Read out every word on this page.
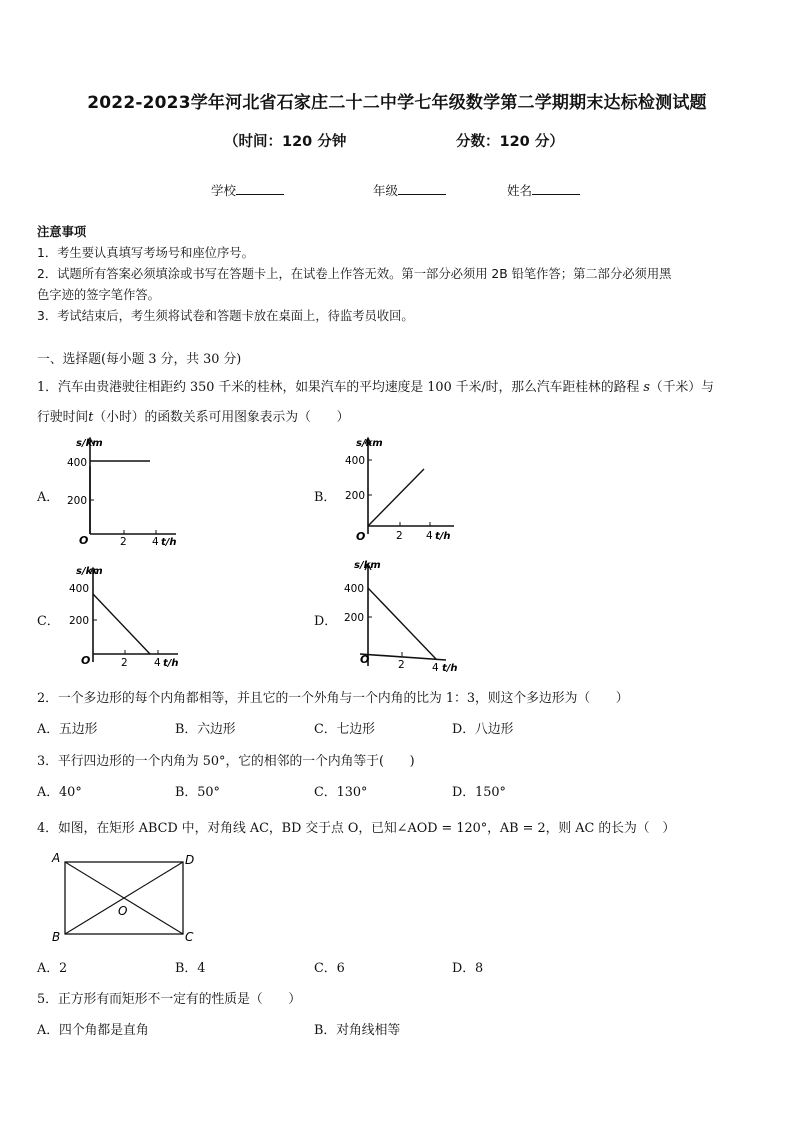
2022-2023学年河北省石家庄二十二中学七年级数学第二学期期末达标检测试题
（时间：120 分钟	分数：120 分）
学校	年级	姓名
注意事项
1．考生要认真填写考场号和座位序号。
2．试题所有答案必须填涂或书写在答题卡上，在试卷上作答无效。第一部分必须用 2B 铅笔作答；第二部分必须用黑
色字迹的签字笔作答。
3．考试结束后，考生须将试卷和答题卡放在桌面上，待监考员收回。
一、选择题(每小题 3 分，共 30 分)
1．汽车由贵港驶往相距约 350 千米的桂林，如果汽车的平均速度是 100 千米/时，那么汽车距桂林的路程 s（千米）与
行驶时间t（小时）的函数关系可用图象表示为（　　）
A．	B．
C．	D．
s/km
400
200
O	2 4 t/h
s/km
400
200
O	2 4 t/h
s/km
400
200
O	2	4 t/h
s/km
400
200
O	2	4 t/h
2．一个多边形的每个内角都相等，并且它的一个外角与一个内角的比为 1：3，则这个多边形为（　　）
A．五边形	B．六边形	C．七边形	D．八边形
3．平行四边形的一个内角为 50°，它的相邻的一个内角等于(　　)
A．40°	B．50°	C．130°	D．150°
4．如图，在矩形 ABCD 中，对角线 AC，BD 交于点 O，已知∠AOD = 120°，AB = 2，则 AC 的长为（　）
A	D
B	C
O
A．2	B．4	C．6	D．8
5．正方形有而矩形不一定有的性质是（　　）
A．四个角都是直角	B．对角线相等
